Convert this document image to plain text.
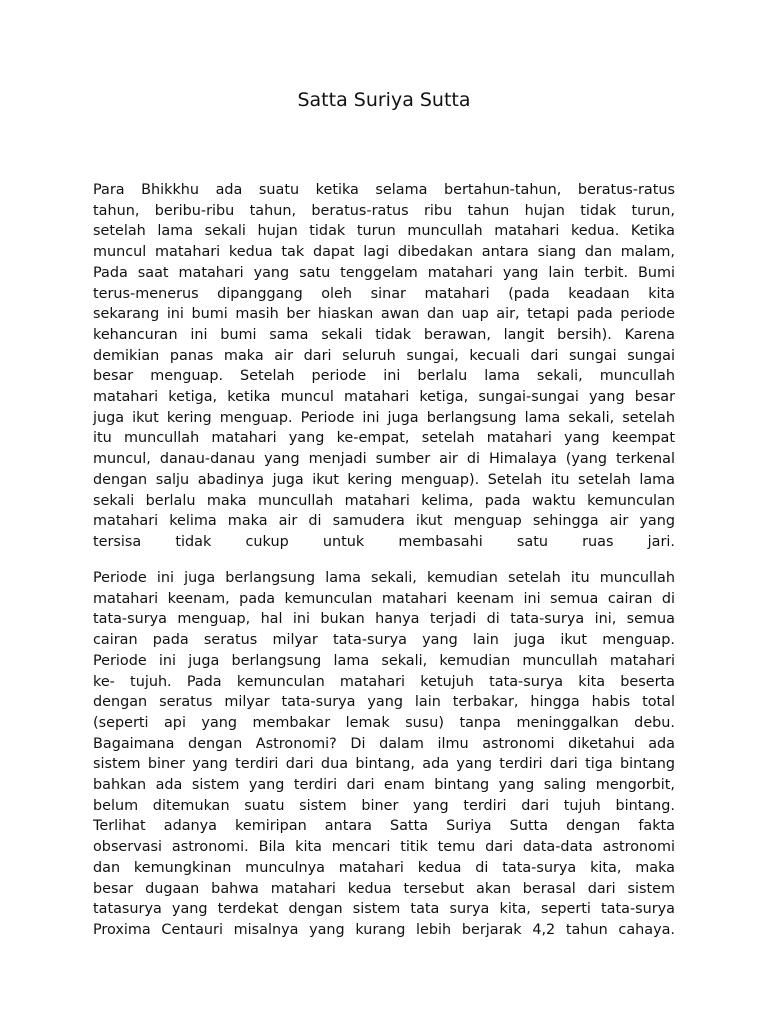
Satta Suriya Sutta

Para Bhikkhu ada suatu ketika selama bertahun-tahun, beratus-ratus
tahun, beribu-ribu tahun, beratus-ratus ribu tahun hujan tidak turun,
setelah lama sekali hujan tidak turun muncullah matahari kedua. Ketika
muncul matahari kedua tak dapat lagi dibedakan antara siang dan malam,
Pada saat matahari yang satu tenggelam matahari yang lain terbit. Bumi
terus-menerus dipanggang oleh sinar matahari (pada keadaan kita
sekarang ini bumi masih ber hiaskan awan dan uap air, tetapi pada periode
kehancuran ini bumi sama sekali tidak berawan, langit bersih). Karena
demikian panas maka air dari seluruh sungai, kecuali dari sungai sungai
besar menguap. Setelah periode ini berlalu lama sekali, muncullah
matahari ketiga, ketika muncul matahari ketiga, sungai-sungai yang besar
juga ikut kering menguap. Periode ini juga berlangsung lama sekali, setelah
itu muncullah matahari yang ke-empat, setelah matahari yang keempat
muncul, danau-danau yang menjadi sumber air di Himalaya (yang terkenal
dengan salju abadinya juga ikut kering menguap). Setelah itu setelah lama
sekali berlalu maka muncullah matahari kelima, pada waktu kemunculan
matahari kelima maka air di samudera ikut menguap sehingga air yang
tersisa tidak cukup untuk membasahi satu ruas jari.

Periode ini juga berlangsung lama sekali, kemudian setelah itu muncullah
matahari keenam, pada kemunculan matahari keenam ini semua cairan di
tata-surya menguap, hal ini bukan hanya terjadi di tata-surya ini, semua
cairan pada seratus milyar tata-surya yang lain juga ikut menguap.
Periode ini juga berlangsung lama sekali, kemudian muncullah matahari
ke- tujuh. Pada kemunculan matahari ketujuh tata-surya kita beserta
dengan seratus milyar tata-surya yang lain terbakar, hingga habis total
(seperti api yang membakar lemak susu) tanpa meninggalkan debu.
Bagaimana dengan Astronomi? Di dalam ilmu astronomi diketahui ada
sistem biner yang terdiri dari dua bintang, ada yang terdiri dari tiga bintang
bahkan ada sistem yang terdiri dari enam bintang yang saling mengorbit,
belum ditemukan suatu sistem biner yang terdiri dari tujuh bintang.
Terlihat adanya kemiripan antara Satta Suriya Sutta dengan fakta
observasi astronomi. Bila kita mencari titik temu dari data-data astronomi
dan kemungkinan munculnya matahari kedua di tata-surya kita, maka
besar dugaan bahwa matahari kedua tersebut akan berasal dari sistem
tatasurya yang terdekat dengan sistem tata surya kita, seperti tata-surya
Proxima Centauri misalnya yang kurang lebih berjarak 4,2 tahun cahaya.
